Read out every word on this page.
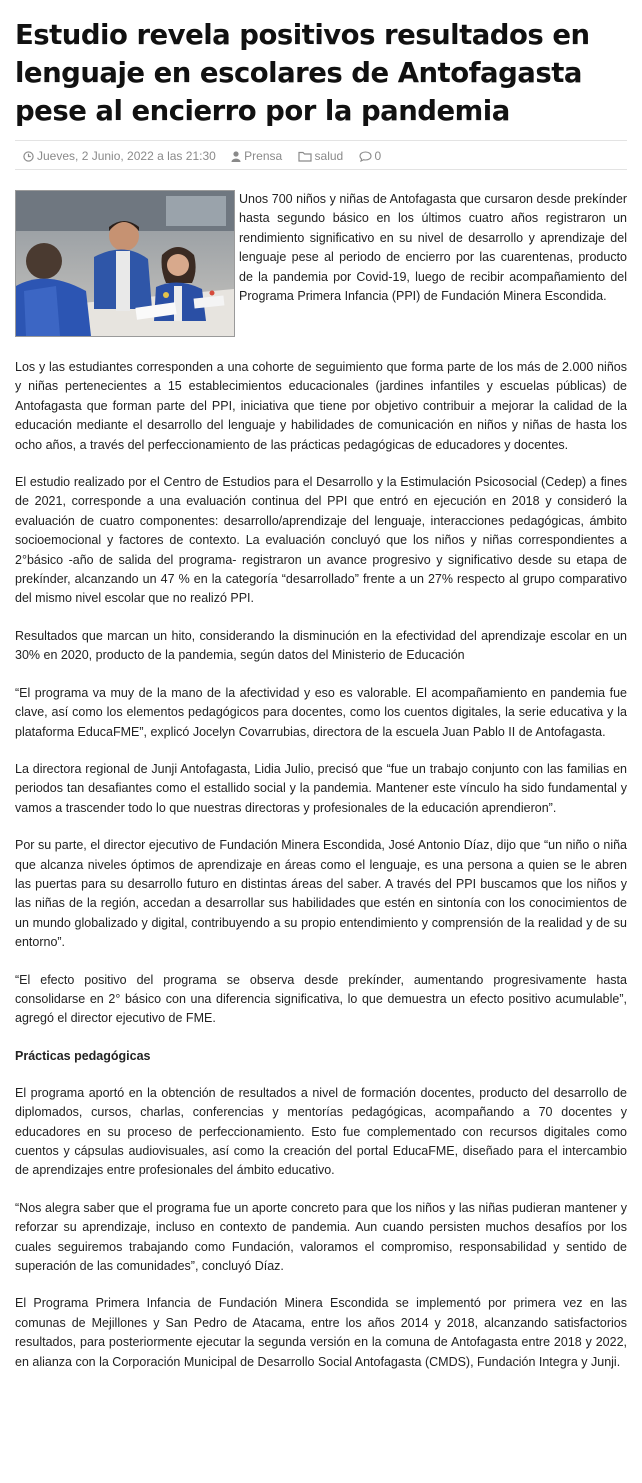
Estudio revela positivos resultados en lenguaje en escolares de Antofagasta pese al encierro por la pandemia
Jueves, 2 Junio, 2022 a las 21:30 Prensa	salud	0

Unos 700 niños y niñas de Antofagasta que cursaron desde prekínder hasta segundo básico en los últimos cuatro años registraron un rendimiento significativo en su nivel de desarrollo y aprendizaje del lenguaje pese al periodo de encierro por las cuarentenas, producto de la pandemia por Covid-19, luego de recibir acompañamiento del Programa Primera Infancia (PPI) de Fundación Minera Escondida.

Los y las estudiantes corresponden a una cohorte de seguimiento que forma parte de los más de 2.000 niños y niñas pertenecientes a 15 establecimientos educacionales (jardines infantiles y escuelas públicas) de Antofagasta que forman parte del PPI, iniciativa que tiene por objetivo contribuir a mejorar la calidad de la educación mediante el desarrollo del lenguaje y habilidades de comunicación en niños y niñas de hasta los ocho años, a través del perfeccionamiento de las prácticas pedagógicas de educadores y docentes.

El estudio realizado por el Centro de Estudios para el Desarrollo y la Estimulación Psicosocial (Cedep) a fines de 2021, corresponde a una evaluación continua del PPI que entró en ejecución en 2018 y consideró la evaluación de cuatro componentes: desarrollo/aprendizaje del lenguaje, interacciones pedagógicas, ámbito socioemocional y factores de contexto. La evaluación concluyó que los niños y niñas correspondientes a 2°básico -año de salida del programa- registraron un avance progresivo y significativo desde su etapa de prekínder, alcanzando un 47 % en la categoría “desarrollado” frente a un 27% respecto al grupo comparativo del mismo nivel escolar que no realizó PPI.

Resultados que marcan un hito, considerando la disminución en la efectividad del aprendizaje escolar en un 30% en 2020, producto de la pandemia, según datos del Ministerio de Educación

“El programa va muy de la mano de la afectividad y eso es valorable. El acompañamiento en pandemia fue clave, así como los elementos pedagógicos para docentes, como los cuentos digitales, la serie educativa y la plataforma EducaFME”, explicó Jocelyn Covarrubias, directora de la escuela Juan Pablo II de Antofagasta.

La directora regional de Junji Antofagasta, Lidia Julio, precisó que “fue un trabajo conjunto con las familias en periodos tan desafiantes como el estallido social y la pandemia. Mantener este vínculo ha sido fundamental y vamos a trascender todo lo que nuestras directoras y profesionales de la educación aprendieron”.

Por su parte, el director ejecutivo de Fundación Minera Escondida, José Antonio Díaz, dijo que “un niño o niña que alcanza niveles óptimos de aprendizaje en áreas como el lenguaje, es una persona a quien se le abren las puertas para su desarrollo futuro en distintas áreas del saber. A través del PPI buscamos que los niños y las niñas de la región, accedan a desarrollar sus habilidades que estén en sintonía con los conocimientos de un mundo globalizado y digital, contribuyendo a su propio entendimiento y comprensión de la realidad y de su entorno”.

“El efecto positivo del programa se observa desde prekínder, aumentando progresivamente hasta consolidarse en 2° básico con una diferencia significativa, lo que demuestra un efecto positivo acumulable”, agregó el director ejecutivo de FME.

Prácticas pedagógicas

El programa aportó en la obtención de resultados a nivel de formación docentes, producto del desarrollo de diplomados, cursos, charlas, conferencias y mentorías pedagógicas, acompañando a 70 docentes y educadores en su proceso de perfeccionamiento. Esto fue complementado con recursos digitales como cuentos y cápsulas audiovisuales, así como la creación del portal EducaFME, diseñado para el intercambio de aprendizajes entre profesionales del ámbito educativo.

“Nos alegra saber que el programa fue un aporte concreto para que los niños y las niñas pudieran mantener y reforzar su aprendizaje, incluso en contexto de pandemia. Aun cuando persisten muchos desafíos por los cuales seguiremos trabajando como Fundación, valoramos el compromiso, responsabilidad y sentido de superación de las comunidades”, concluyó Díaz.

El Programa Primera Infancia de Fundación Minera Escondida se implementó por primera vez en las comunas de Mejillones y San Pedro de Atacama, entre los años 2014 y 2018, alcanzando satisfactorios resultados, para posteriormente ejecutar la segunda versión en la comuna de Antofagasta entre 2018 y 2022, en alianza con la Corporación Municipal de Desarrollo Social Antofagasta (CMDS), Fundación Integra y Junji.
